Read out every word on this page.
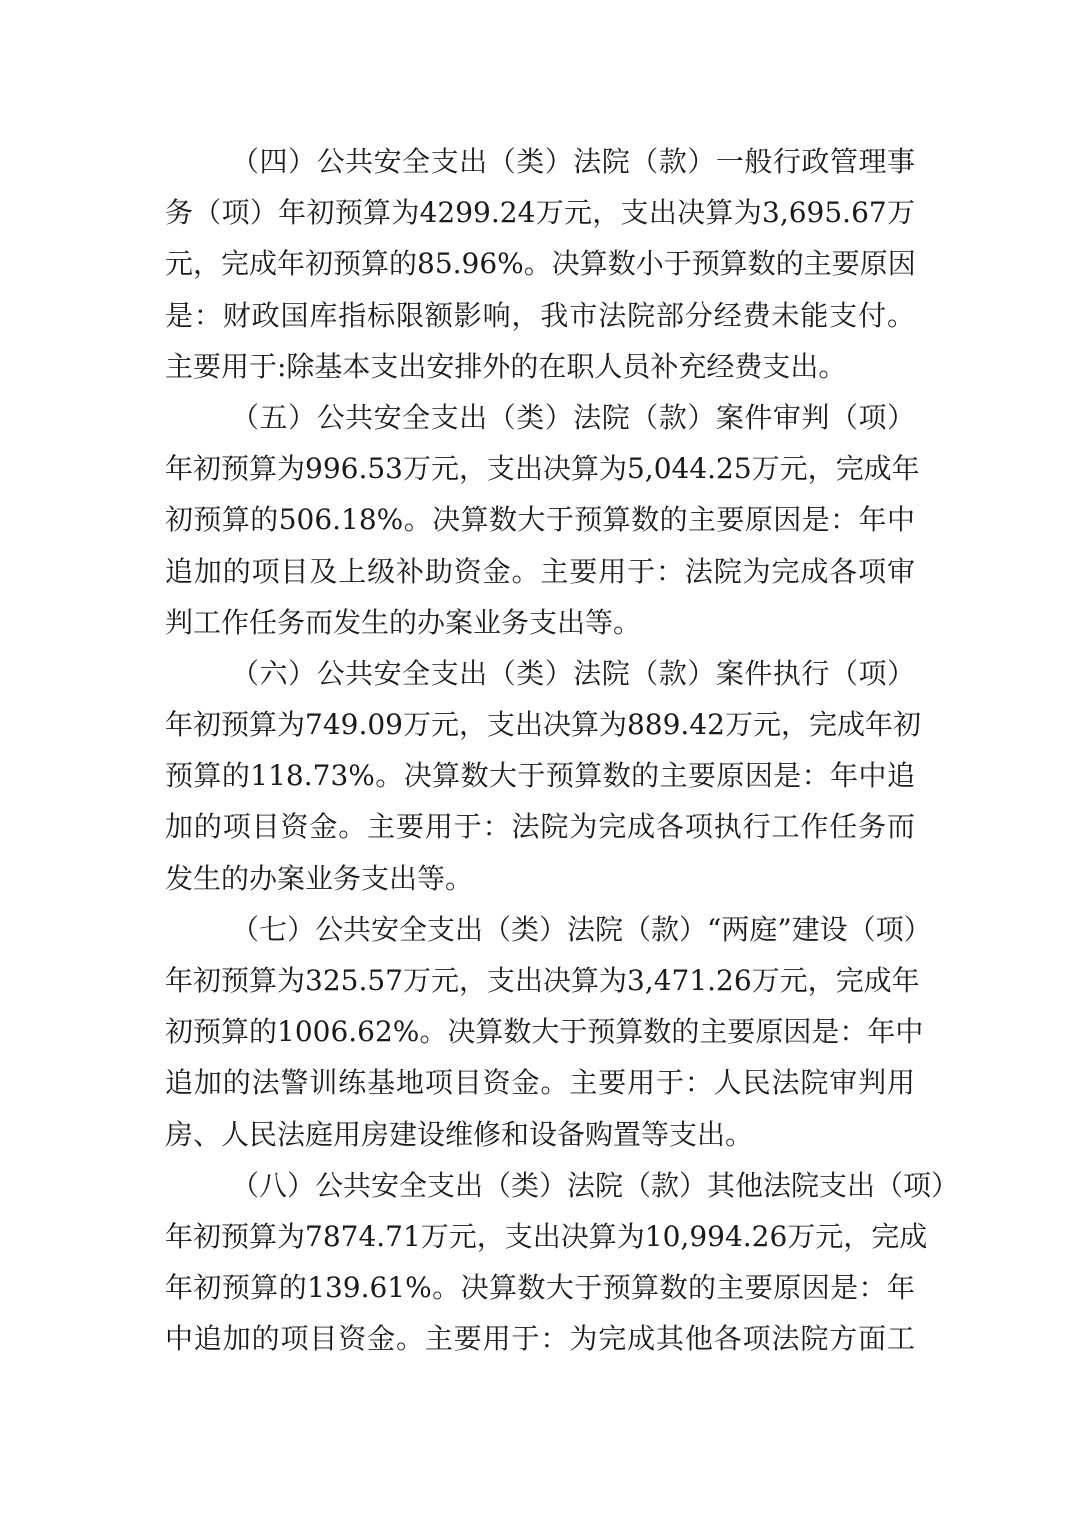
（四）公共安全支出（类）法院（款）一般行政管理事
务（项）年初预算为4299.24万元，支出决算为3,695.67万
元，完成年初预算的85.96%。决算数小于预算数的主要原因
是：财政国库指标限额影响，我市法院部分经费未能支付。
主要用于:除基本支出安排外的在职人员补充经费支出。
（五）公共安全支出（类）法院（款）案件审判（项）
年初预算为996.53万元，支出决算为5,044.25万元，完成年
初预算的506.18%。决算数大于预算数的主要原因是：年中
追加的项目及上级补助资金。主要用于：法院为完成各项审
判工作任务而发生的办案业务支出等。
（六）公共安全支出（类）法院（款）案件执行（项）
年初预算为749.09万元，支出决算为889.42万元，完成年初
预算的118.73%。决算数大于预算数的主要原因是：年中追
加的项目资金。主要用于：法院为完成各项执行工作任务而
发生的办案业务支出等。
（七）公共安全支出（类）法院（款）“两庭”建设（项）
年初预算为325.57万元，支出决算为3,471.26万元，完成年
初预算的1006.62%。决算数大于预算数的主要原因是：年中
追加的法警训练基地项目资金。主要用于：人民法院审判用
房、人民法庭用房建设维修和设备购置等支出。
（八）公共安全支出（类）法院（款）其他法院支出（项）
年初预算为7874.71万元，支出决算为10,994.26万元，完成
年初预算的139.61%。决算数大于预算数的主要原因是：年
中追加的项目资金。主要用于：为完成其他各项法院方面工
